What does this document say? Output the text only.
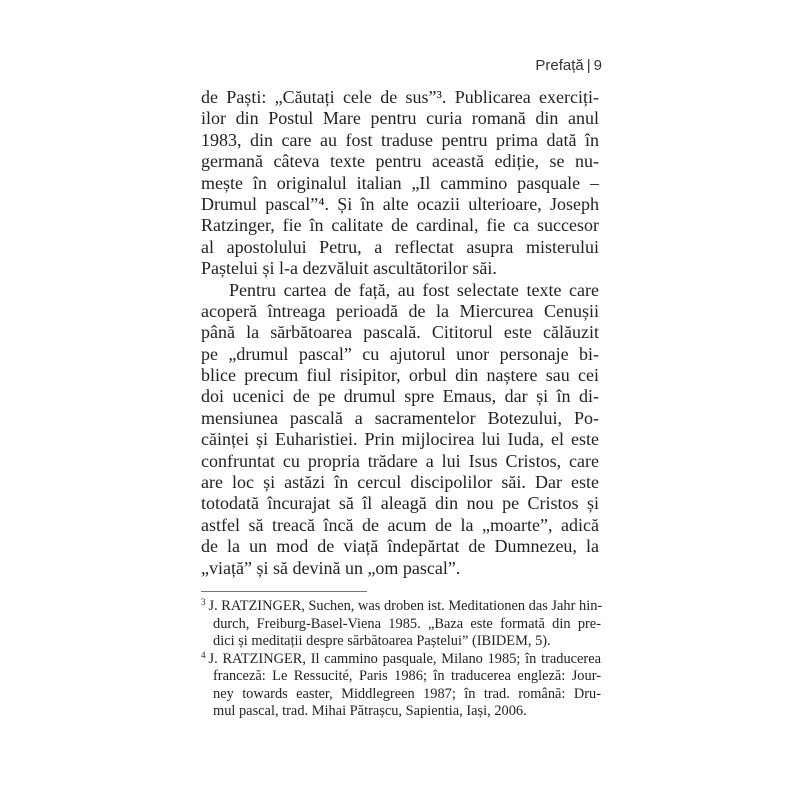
Prefață | 9
de Paști: „Căutați cele de sus”³. Publicarea exerciți-
ilor din Postul Mare pentru curia romană din anul
1983, din care au fost traduse pentru prima dată în
germană câteva texte pentru această ediție, se nu-
mește în originalul italian „Il cammino pasquale –
Drumul pascal”⁴. Și în alte ocazii ulterioare, Joseph
Ratzinger, fie în calitate de cardinal, fie ca succesor
al apostolului Petru, a reflectat asupra misterului
Paștelui și l-a dezvăluit ascultătorilor săi.
Pentru cartea de față, au fost selectate texte care
acoperă întreaga perioadă de la Miercurea Cenușii
până la sărbătoarea pascală. Cititorul este călăuzit
pe „drumul pascal” cu ajutorul unor personaje bi-
blice precum fiul risipitor, orbul din naștere sau cei
doi ucenici de pe drumul spre Emaus, dar și în di-
mensiunea pascală a sacramentelor Botezului, Po-
căinței și Euharistiei. Prin mijlocirea lui Iuda, el este
confruntat cu propria trădare a lui Isus Cristos, care
are loc și astăzi în cercul discipolilor săi. Dar este
totodată încurajat să îl aleagă din nou pe Cristos și
astfel să treacă încă de acum de la „moarte”, adică
de la un mod de viață îndepărtat de Dumnezeu, la
„viață” și să devină un „om pascal”.
$^3$ J. RATZINGER, Suchen, was droben ist. Meditationen das Jahr hin-
durch, Freiburg-Basel-Viena 1985. „Baza este formată din pre-
dici și meditații despre sărbătoarea Paștelui” (IBIDEM, 5).
$^4$ J. RATZINGER, Il cammino pasquale, Milano 1985; în traducerea
franceză: Le Ressucité, Paris 1986; în traducerea engleză: Jour-
ney towards easter, Middlegreen 1987; în trad. română: Dru-
mul pascal, trad. Mihai Pătrașcu, Sapientia, Iași, 2006.
